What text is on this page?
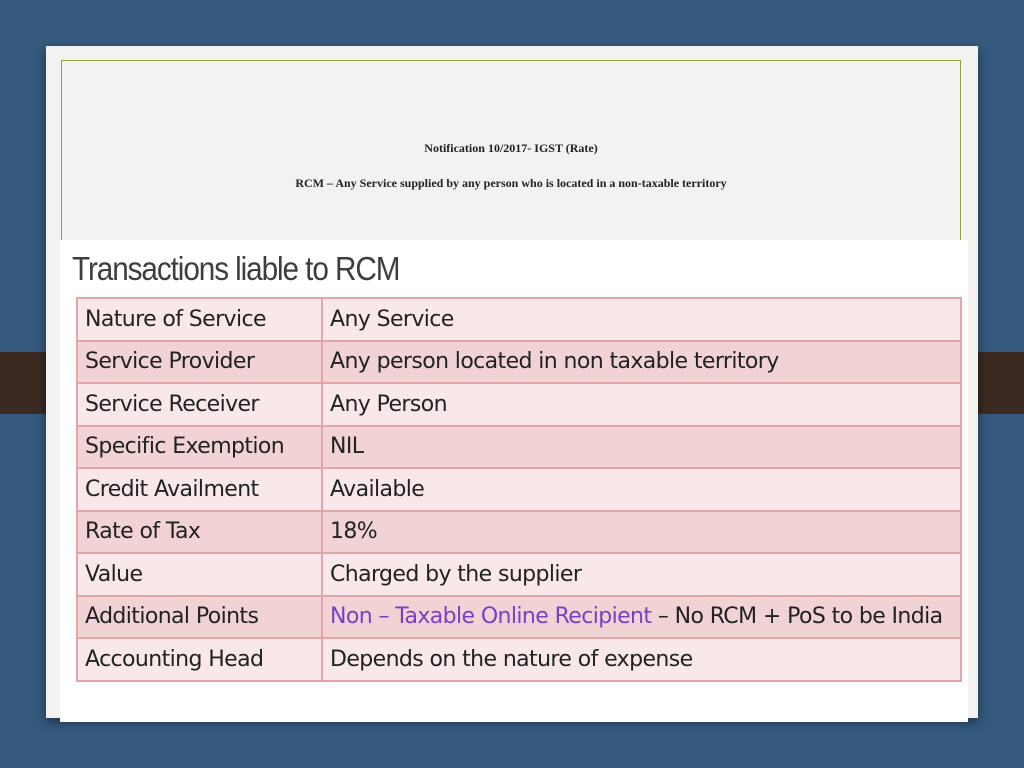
Notification 10/2017- IGST (Rate)
RCM – Any Service supplied by any person who is located in a non-taxable territory
Transactions liable to RCM
Nature of Service	Any Service
Service Provider	Any person located in non taxable territory
Service Receiver	Any Person
Specific Exemption	NIL
Credit Availment	Available
Rate of Tax	18%
Value	Charged by the supplier
Additional Points	Non – Taxable Online Recipient – No RCM + PoS to be India
Accounting Head	Depends on the nature of expense
